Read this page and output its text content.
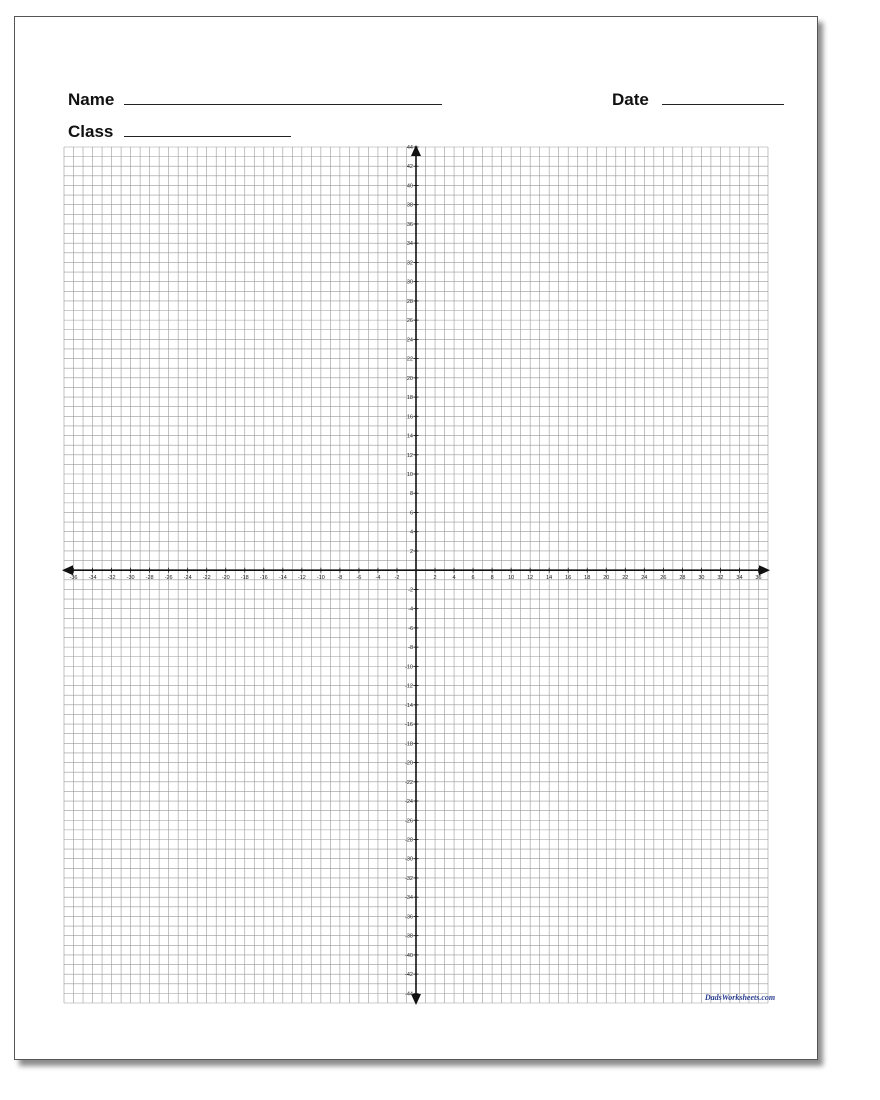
Name	Date
Class
-36 -34 -32 -30 -28 -26 -24 -22 -20 -18 -16 -14 -12 -10 -8	-6	-4	-2	2	4	6	8	10 12 14 16 18 20 22 24 26 28 30 32 34 36
-44
-42
-40
-38
-36
-34
-32
-30
-28
-26
-24
-22
-20
-18
-16
-14
-12
-10
-8
-6
-4
-2
2
4
6
8
10
12
14
16
18
20
22
24
26
28
30
32
34
36
38
40
42
44
DadsWorksheets.com
